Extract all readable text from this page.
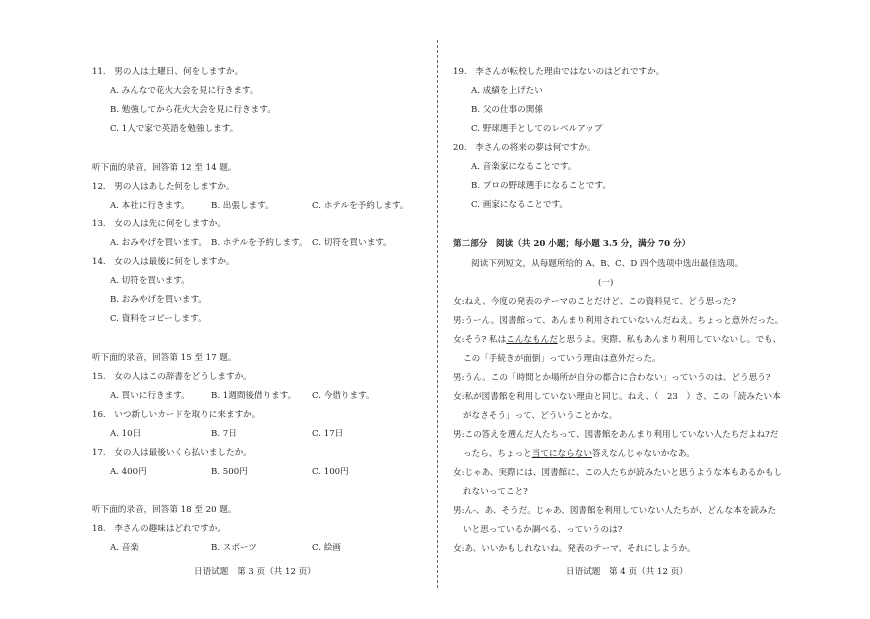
11.　男の人は土曜日、何をしますか。
A. みんなで花火大会を見に行きます。
B. 勉強してから花火大会を見に行きます。
C. 1人で家で英語を勉強します。
听下面的录音，回答第 12 至 14 题。
12.　男の人はあした何をしますか。
A. 本社に行きます。 B. 出張します。	C. ホテルを予約します。
13.　女の人は先に何をしますか。
A. おみやげを買います。 B. ホテルを予約します。 C. 切符を買います。
14.　女の人は最後に何をしますか。
A. 切符を買います。
B. おみやげを買います。
C. 資料をコピーします。
听下面的录音，回答第 15 至 17 题。
15.　女の人はこの辞書をどうしますか。
A. 買いに行きます。 B. 1週間後借ります。 C. 今借ります。
16.　いつ新しいカードを取りに来ますか。
A. 10日	B. 7日	C. 17日
17.　女の人は最後いくら払いましたか。
A. 400円	B. 500円	C. 100円
听下面的录音，回答第 18 至 20 题。
18.　李さんの趣味はどれですか。
A. 音楽	B. スポーツ	C. 絵画
日语试题　第 3 页（共 12 页）
19.　李さんが転校した理由ではないのはどれですか。
A. 成績を上げたい
B. 父の仕事の関係
C. 野球選手としてのレベルアップ
20.　李さんの将来の夢は何ですか。
A. 音楽家になることです。
B. プロの野球選手になることです。
C. 画家になることです。
第二部分　阅读（共 20 小题；每小题 3.5 分，满分 70 分）
阅读下列短文，从每题所给的 A、B、C、D 四个选项中选出最佳选项。
(一)
女:ねえ、今度の発表のテーマのことだけど、この資料見て、どう思った?
男:うーん。図書館って、あんまり利用されていないんだねえ。ちょっと意外だった。
女:そう? 私はこんなもんだと思うよ。実際、私もあんまり利用していないし。でも、
この「手続きが面倒」っていう理由は意外だった。
男:うん。この「時間とか場所が自分の都合に合わない」っていうのは、どう思う?
女:私が図書館を利用していない理由と同じ。ねえ、（　23　）さ、この「読みたい本
がなさそう」って、どういうことかな。
男:この答えを選んだ人たちって、図書館をあんまり利用していない人たちだよね?だ
ったら、ちょっと当てにならない答えなんじゃないかなあ。
女:じゃあ、実際には、図書館に、この人たちが読みたいと思うような本もあるかもし
れないってこと?
男:ん-、あ、そうだ。じゃあ、図書館を利用していない人たちが、どんな本を読みた
いと思っているか調べる、っていうのは?
女:あ、いいかもしれないね。発表のテーマ、それにしようか。
日语试题　第 4 页（共 12 页）
